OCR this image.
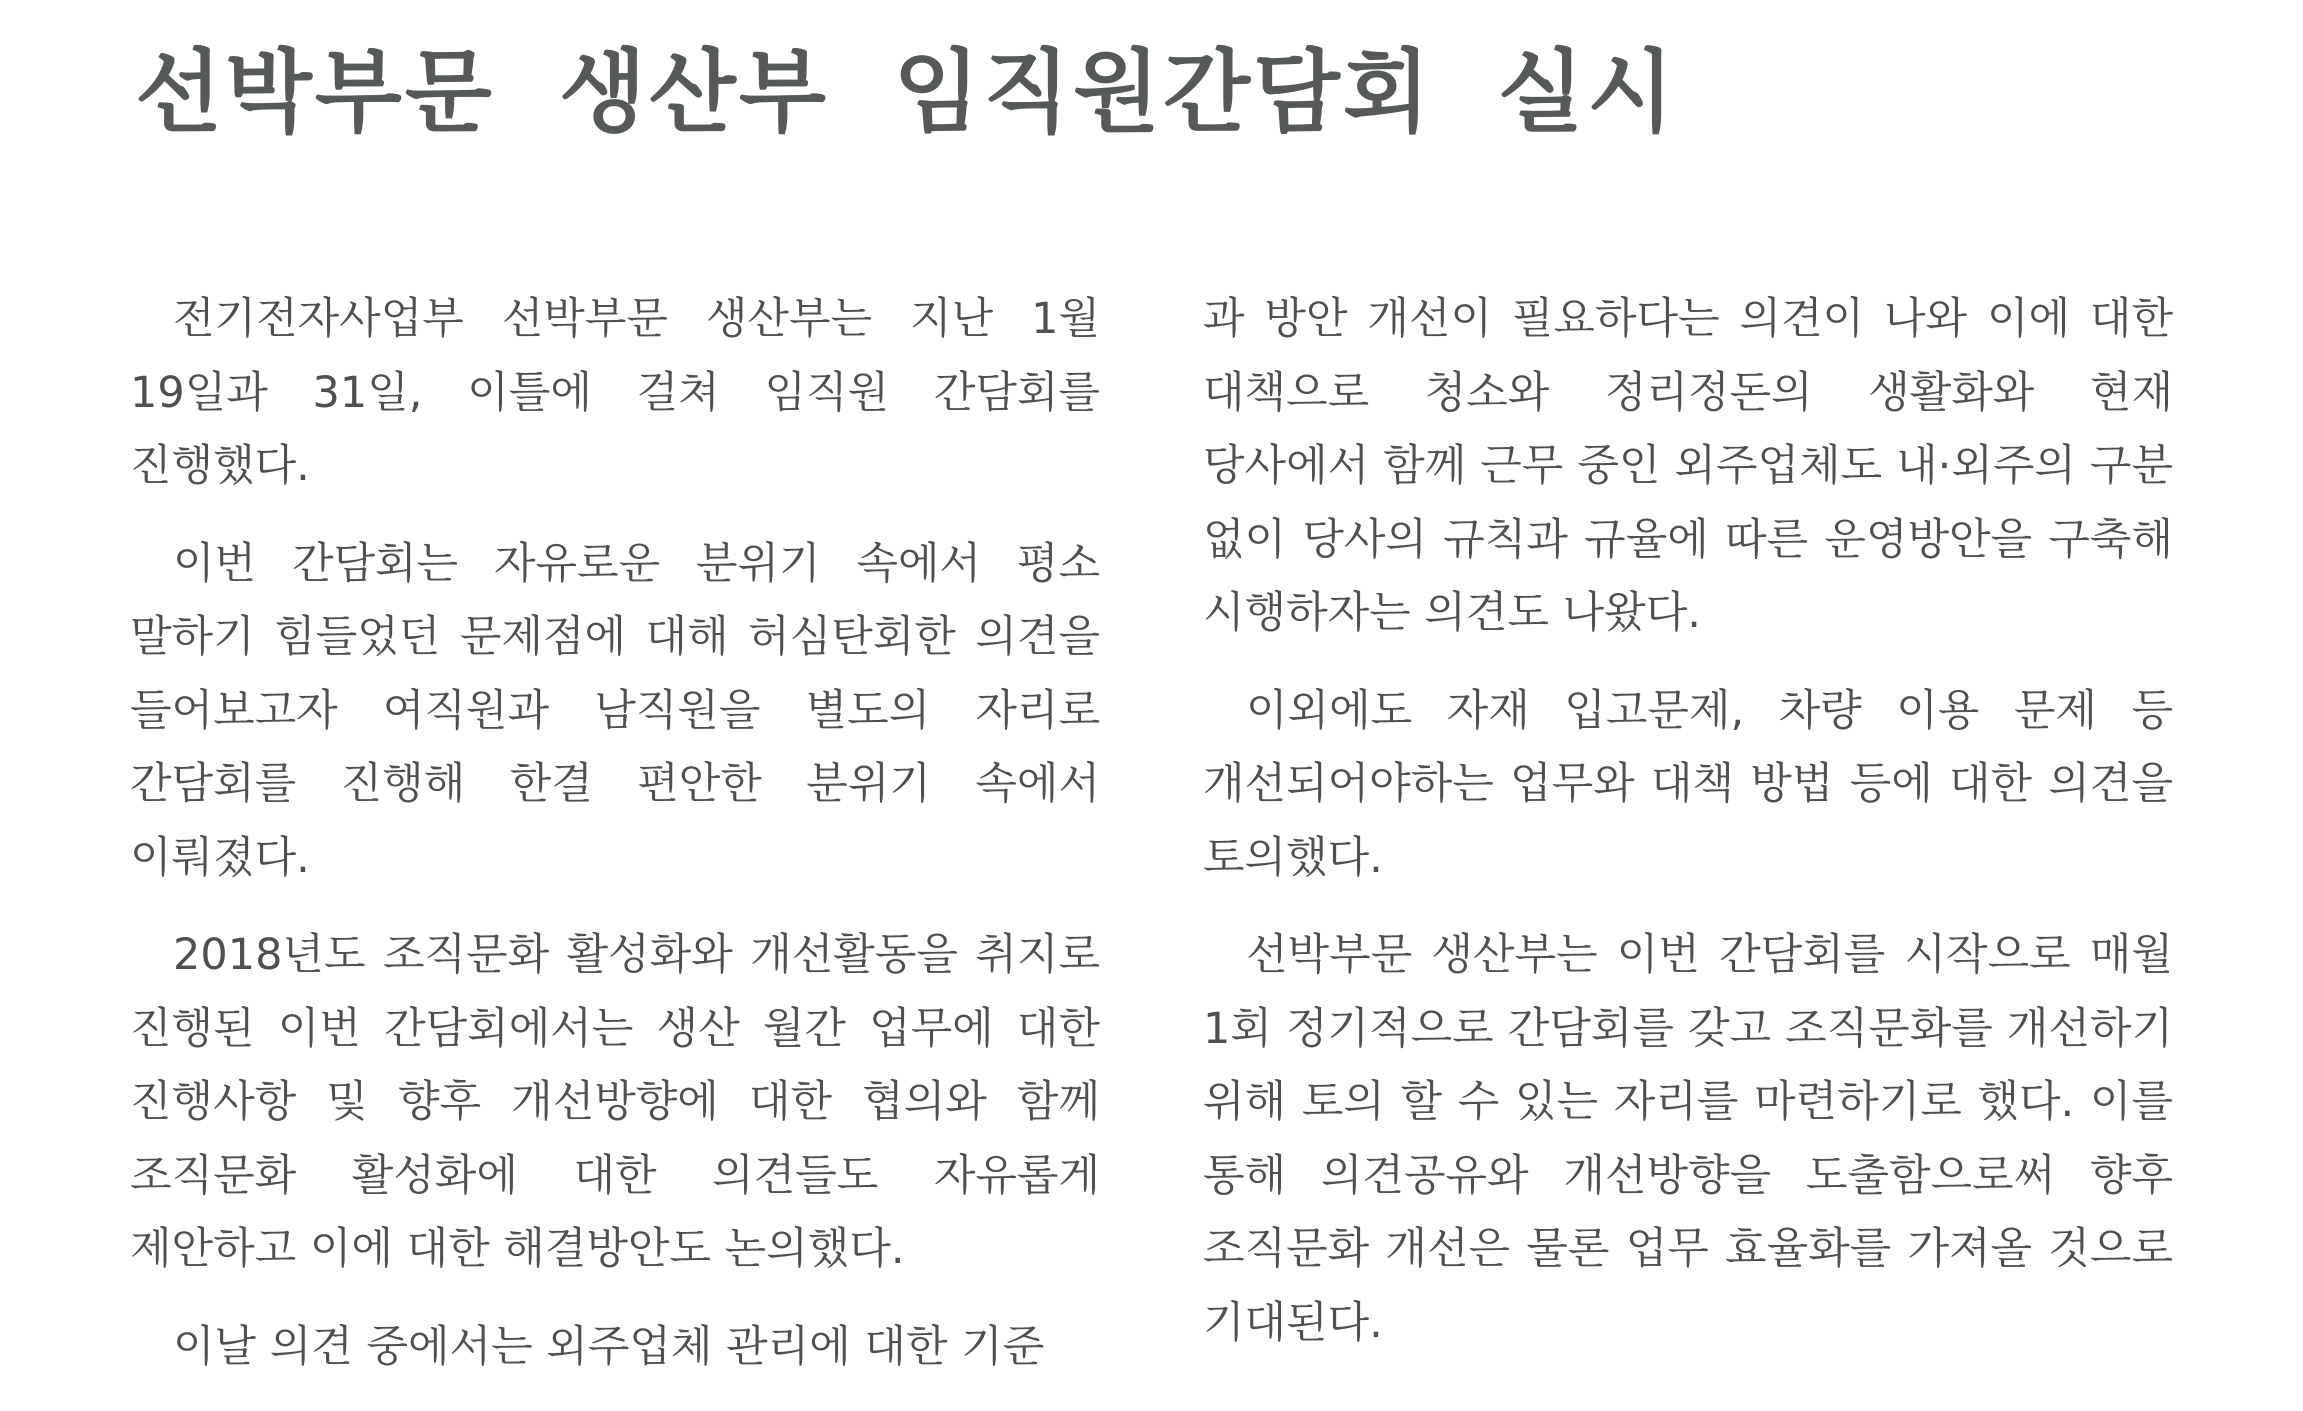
선박부문 생산부 임직원간담회 실시

전기전자사업부 선박부문 생산부는 지난 1월 19일과 31일, 이틀에 걸쳐 임직원 간담회를 진행했다.

이번 간담회는 자유로운 분위기 속에서 평소 말하기 힘들었던 문제점에 대해 허심탄회한 의견을 들어보고자 여직원과 남직원을 별도의 자리로 간담회를 진행해 한결 편안한 분위기 속에서 이뤄졌다.

2018년도 조직문화 활성화와 개선활동을 취지로 진행된 이번 간담회에서는 생산 월간 업무에 대한 진행사항 및 향후 개선방향에 대한 협의와 함께 조직문화 활성화에 대한 의견들도 자유롭게 제안하고 이에 대한 해결방안도 논의했다.

이날 의견 중에서는 외주업체 관리에 대한 기준

과 방안 개선이 필요하다는 의견이 나와 이에 대한 대책으로 청소와 정리정돈의 생활화와 현재 당사에서 함께 근무 중인 외주업체도 내·외주의 구분 없이 당사의 규칙과 규율에 따른 운영방안을 구축해 시행하자는 의견도 나왔다.

이외에도 자재 입고문제, 차량 이용 문제 등 개선되어야하는 업무와 대책 방법 등에 대한 의견을 토의했다.

선박부문 생산부는 이번 간담회를 시작으로 매월 1회 정기적으로 간담회를 갖고 조직문화를 개선하기 위해 토의 할 수 있는 자리를 마련하기로 했다. 이를 통해 의견공유와 개선방향을 도출함으로써 향후 조직문화 개선은 물론 업무 효율화를 가져올 것으로 기대된다.
